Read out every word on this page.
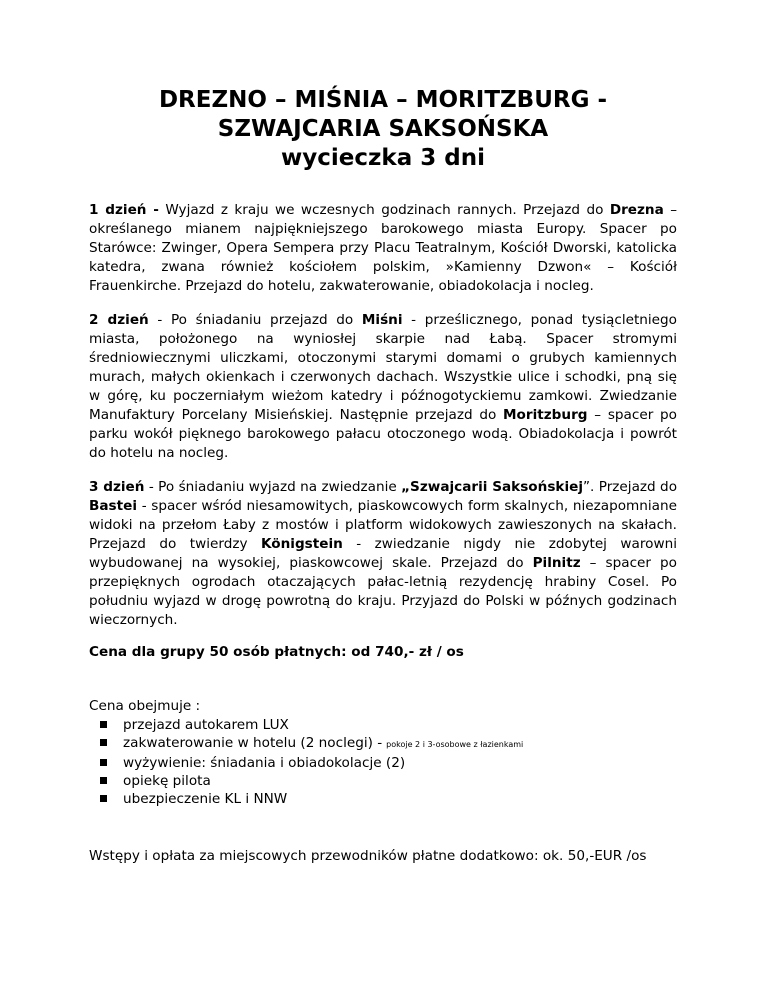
DREZNO – MIŚNIA – MORITZBURG -
SZWAJCARIA SAKSOŃSKA
wycieczka 3 dni

1 dzień - Wyjazd z kraju we wczesnych godzinach rannych. Przejazd do Drezna – określanego mianem najpiękniejszego barokowego miasta Europy. Spacer po Starówce: Zwinger, Opera Sempera przy Placu Teatralnym, Kościół Dworski, katolicka katedra, zwana również kościołem polskim, »Kamienny Dzwon« – Kościół Frauenkirche. Przejazd do hotelu, zakwaterowanie, obiadokolacja i nocleg.

2 dzień - Po śniadaniu przejazd do Miśni - prześlicznego, ponad tysiącletniego miasta, położonego na wyniosłej skarpie nad Łabą. Spacer stromymi średniowiecznymi uliczkami, otoczonymi starymi domami o grubych kamiennych murach, małych okienkach i czerwonych dachach. Wszystkie ulice i schodki, pną się w górę, ku poczerniałym wieżom katedry i późnogotyckiemu zamkowi. Zwiedzanie Manufaktury Porcelany Misieńskiej. Następnie przejazd do Moritzburg – spacer po parku wokół pięknego barokowego pałacu otoczonego wodą. Obiadokolacja i powrót do hotelu na nocleg.

3 dzień - Po śniadaniu wyjazd na zwiedzanie „Szwajcarii Saksońskiej”. Przejazd do Bastei - spacer wśród niesamowitych, piaskowcowych form skalnych, niezapomniane widoki na przełom Łaby z mostów i platform widokowych zawieszonych na skałach. Przejazd do twierdzy Königstein - zwiedzanie nigdy nie zdobytej warowni wybudowanej na wysokiej, piaskowcowej skale. Przejazd do Pilnitz – spacer po przepięknych ogrodach otaczających pałac-letnią rezydencję hrabiny Cosel. Po południu wyjazd w drogę powrotną do kraju. Przyjazd do Polski w późnych godzinach wieczornych.

Cena dla grupy 50 osób płatnych: od 740,- zł / os

Cena obejmuje :

przejazd autokarem LUX
zakwaterowanie w hotelu (2 noclegi) - pokoje 2 i 3-osobowe z łazienkami
wyżywienie: śniadania i obiadokolacje (2)
opiekę pilota
ubezpieczenie KL i NNW

Wstępy i opłata za miejscowych przewodników płatne dodatkowo: ok. 50,-EUR /os
